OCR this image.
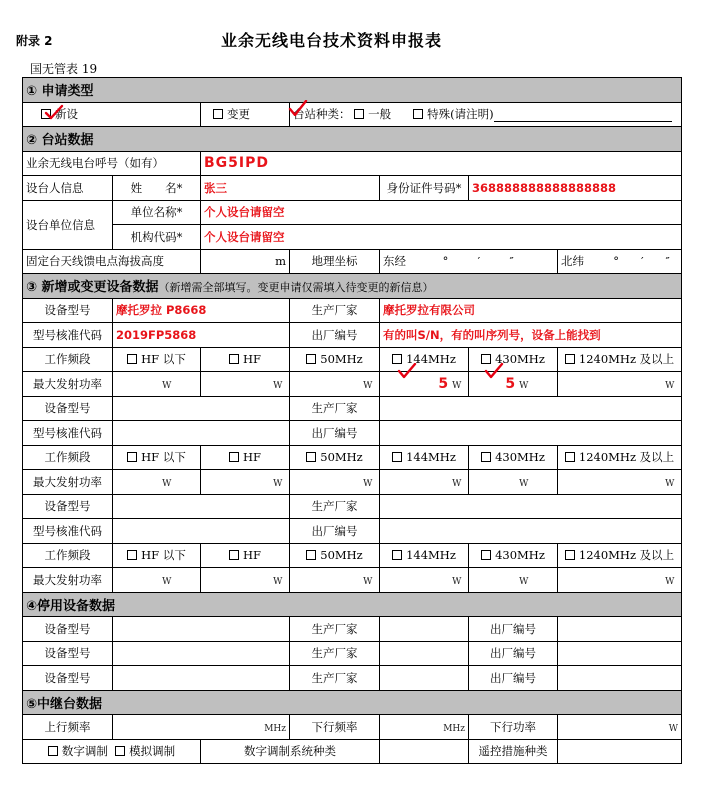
附录 2	业余无线电台技术资料申报表
国无管表 19
① 申请类型						
新设		变更	台站种类： 一般 特殊(请注明)			
② 台站数据						
业余无线电台呼号（如有）		BG5IPD				
设台人信息	姓　　名*	张三		身份证件号码*	368888888888888888	
设台单位信息	单位名称*	个人设台请留空				
	机构代码*	个人设台请留空				
固定台天线馈电点海拔高度		m	地理坐标	东经 ° ′ ″		北纬 ° ′ ″
③ 新增或变更设备数据（新增需全部填写。变更申请仅需填入待变更的新信息）						
设备型号	摩托罗拉 P8668		生产厂家	摩托罗拉有限公司		
型号核准代码	2019FP5868		出厂编号	有的叫S/N，有的叫序列号，设备上能找到		
工作频段	HF 以下	HF	50MHz	144MHz	430MHz	1240MHz 及以上
最大发射功率	W	W	W	5 W	5 W	W
设备型号			生产厂家			
型号核准代码			出厂编号			
工作频段	HF 以下	HF	50MHz	144MHz	430MHz	1240MHz 及以上
最大发射功率	W	W	W	W	W	W
设备型号			生产厂家			
型号核准代码			出厂编号			
工作频段	HF 以下	HF	50MHz	144MHz	430MHz	1240MHz 及以上
最大发射功率	W	W	W	W	W	W
④停用设备数据						
设备型号			生产厂家		出厂编号	
设备型号			生产厂家		出厂编号	
设备型号			生产厂家		出厂编号	
⑤中继台数据						
上行频率	MHz		下行频率	MHz	下行功率	W
数字调制 模拟调制		数字调制系统种类			遥控措施种类	
